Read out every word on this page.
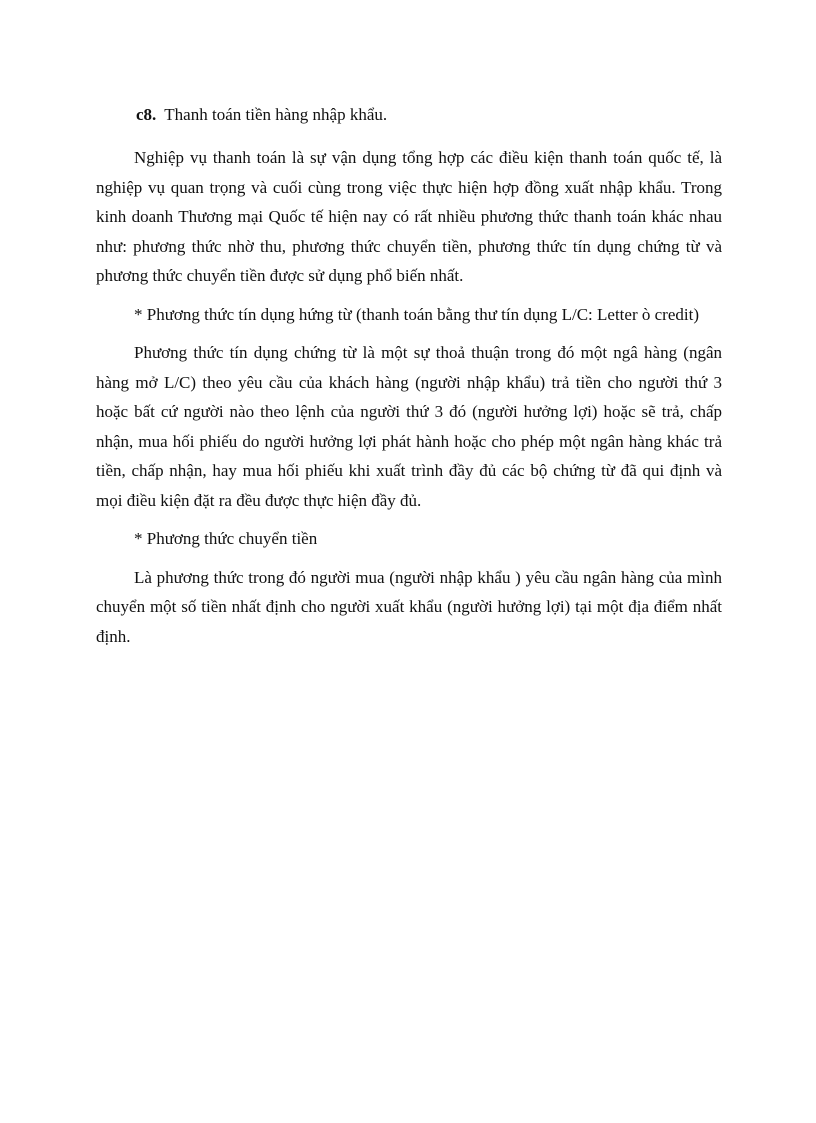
c8. Thanh toán tiền hàng nhập khẩu.

Nghiệp vụ thanh toán là sự vận dụng tổng hợp các điều kiện thanh toán quốc tế, là nghiệp vụ quan trọng và cuối cùng trong việc thực hiện hợp đồng xuất nhập khẩu. Trong kinh doanh Thương mại Quốc tế hiện nay có rất nhiều phương thức thanh toán khác nhau như: phương thức nhờ thu, phương thức chuyển tiền, phương thức tín dụng chứng từ và phương thức chuyển tiền được sử dụng phổ biến nhất.

* Phương thức tín dụng hứng từ (thanh toán bằng thư tín dụng L/C: Letter ò credit)

Phương thức tín dụng chứng từ là một sự thoả thuận trong đó một ngâ hàng (ngân hàng mở L/C) theo yêu cầu của khách hàng (người nhập khẩu) trả tiền cho người thứ 3 hoặc bất cứ người nào theo lệnh của người thứ 3 đó (người hưởng lợi) hoặc sẽ trả, chấp nhận, mua hối phiếu do người hưởng lợi phát hành hoặc cho phép một ngân hàng khác trả tiền, chấp nhận, hay mua hối phiếu khi xuất trình đầy đủ các bộ chứng từ đã qui định và mọi điều kiện đặt ra đều được thực hiện đầy đủ.

* Phương thức chuyển tiền

Là phương thức trong đó người mua (người nhập khẩu ) yêu cầu ngân hàng của mình chuyển một số tiền nhất định cho người xuất khẩu (người hưởng lợi) tại một địa điểm nhất định.
